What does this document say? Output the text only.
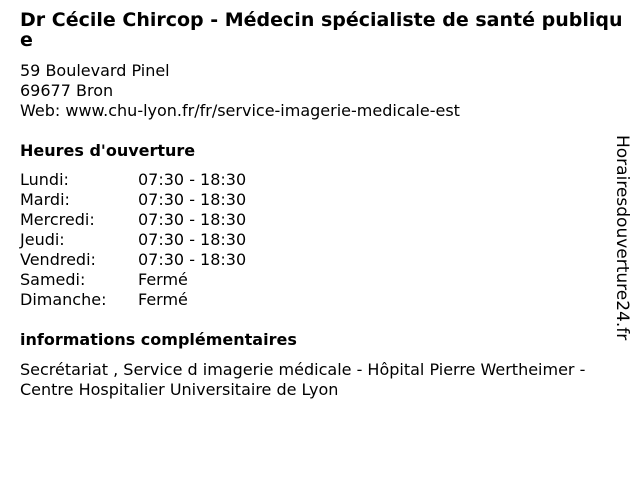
Dr Cécile Chircop - Médecin spécialiste de santé publique
59 Boulevard Pinel
69677 Bron
Web: www.chu-lyon.fr/fr/service-imagerie-medicale-est
Heures d'ouverture
Lundi:	07:30 - 18:30
Mardi:	07:30 - 18:30
Mercredi:	07:30 - 18:30
Jeudi:	07:30 - 18:30
Vendredi:	07:30 - 18:30
Samedi:	Fermé
Dimanche:	Fermé
informations complémentaires
Secrétariat , Service d imagerie médicale - Hôpital Pierre Wertheimer - Centre Hospitalier Universitaire de Lyon
Horairesdouverture24.fr
